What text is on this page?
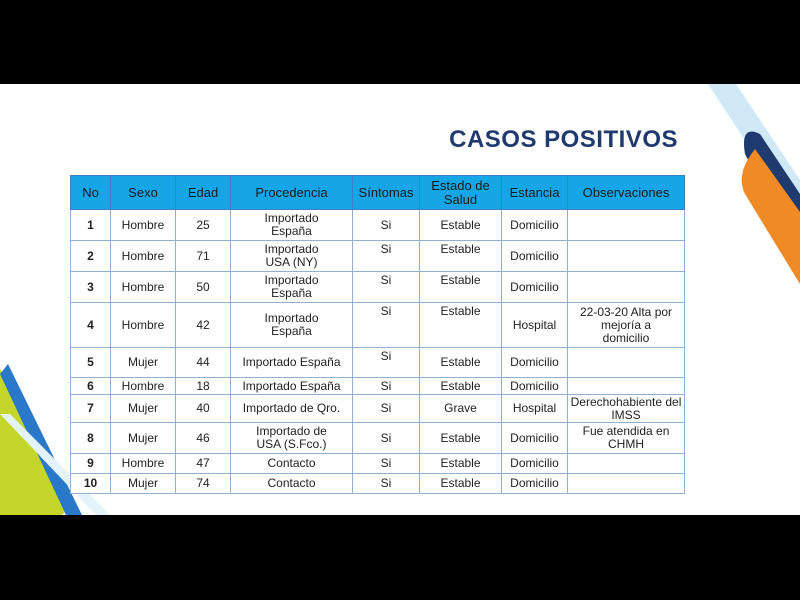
CASOS POSITIVOS
No	Sexo	Edad	Procedencia	Síntomas	Estado de Salud	Estancia	Observaciones
1	Hombre	25	Importado España	Si	Estable	Domicilio	
2	Hombre	71	Importado USA (NY)	Si	Estable	Domicilio	
3	Hombre	50	Importado España	Si	Estable	Domicilio	
4	Hombre	42	Importado España	Si	Estable	Hospital	22-03-20 Alta por mejoría a domicilio
5	Mujer	44	Importado España	Si	Estable	Domicilio	
6	Hombre	18	Importado España	Si	Estable	Domicilio	
7	Mujer	40	Importado de Qro.	Si	Grave	Hospital	Derechohabiente del IMSS
8	Mujer	46	Importado de USA (S.Fco.)	Si	Estable	Domicilio	Fue atendida en CHMH
9	Hombre	47	Contacto	Si	Estable	Domicilio	
10	Mujer	74	Contacto	Si	Estable	Domicilio	
